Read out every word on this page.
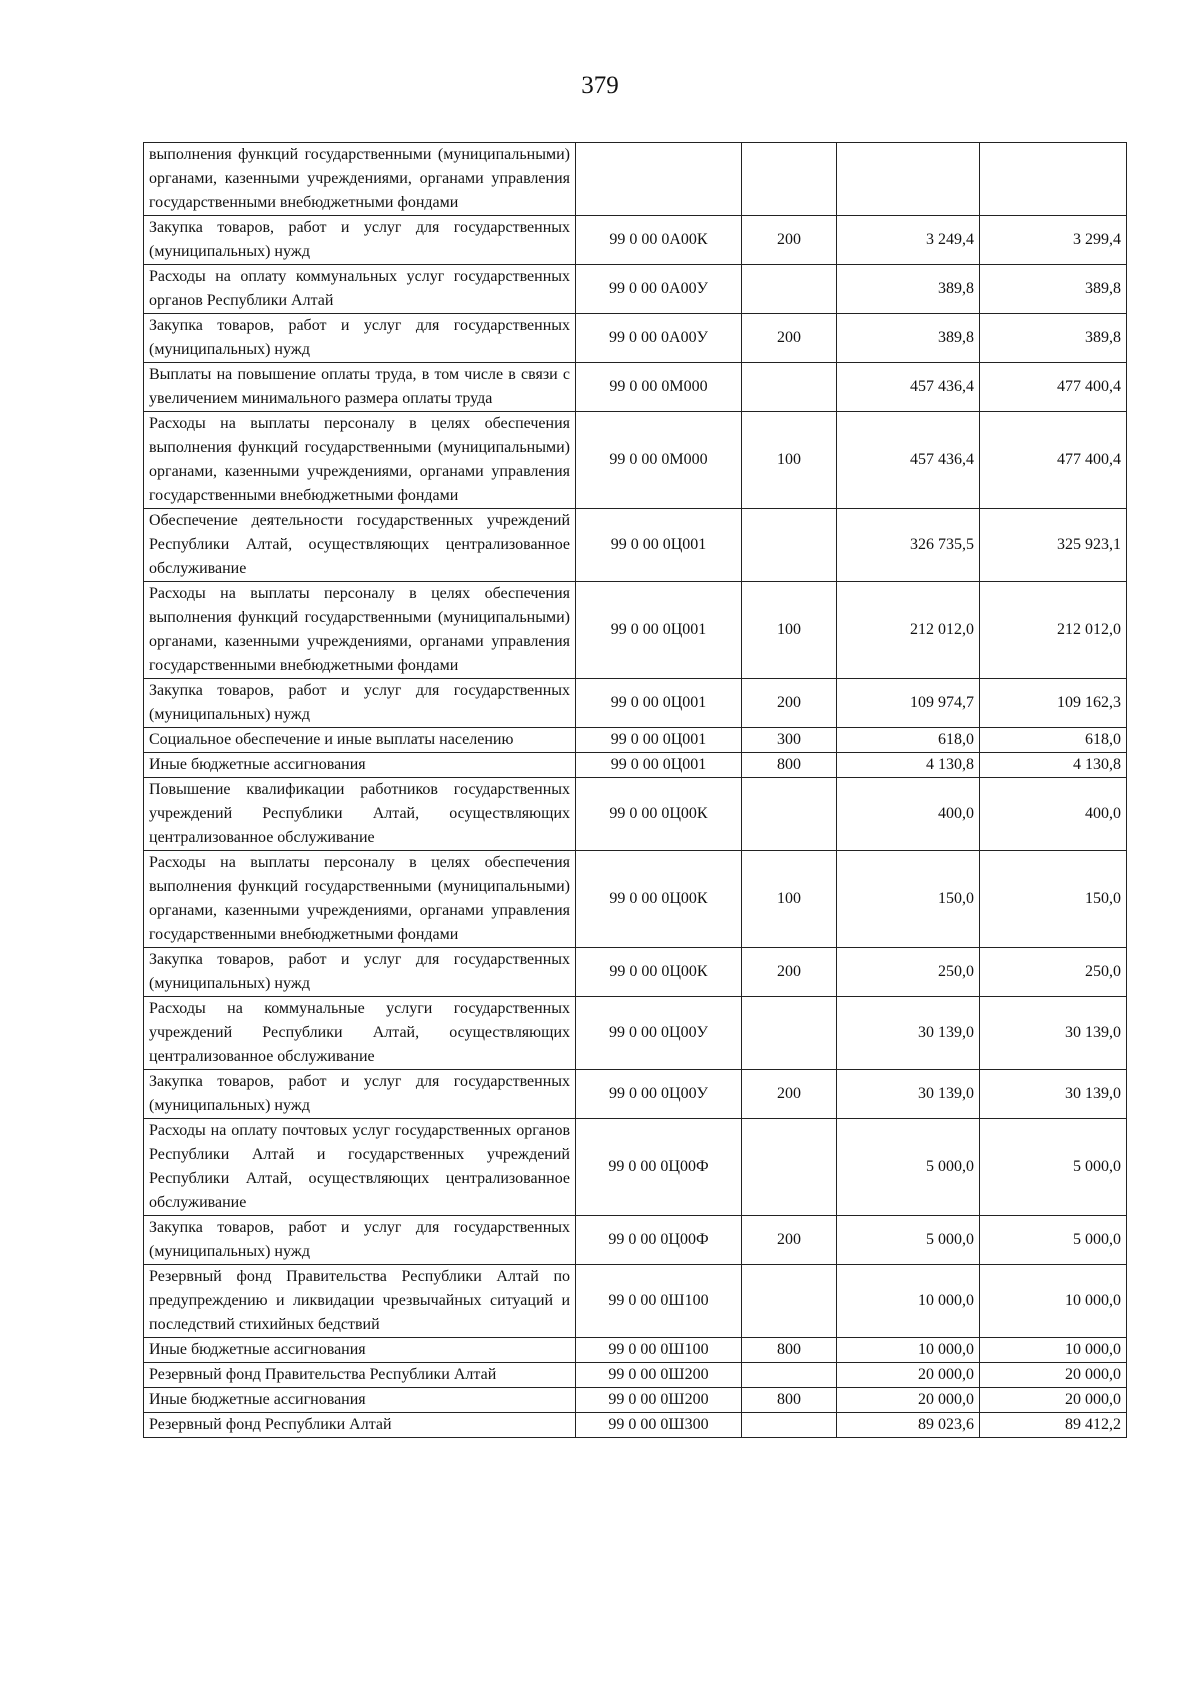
379
выполнения функций государственными (муниципальными) органами, казенными учреждениями, органами управления государственными внебюджетными фондами				
Закупка товаров, работ и услуг для государственных (муниципальных) нужд	99 0 00 0А00К	200	3 249,4	3 299,4
Расходы на оплату коммунальных услуг государственных органов Республики Алтай	99 0 00 0А00У		389,8	389,8
Закупка товаров, работ и услуг для государственных (муниципальных) нужд	99 0 00 0А00У	200	389,8	389,8
Выплаты на повышение оплаты труда, в том числе в связи с увеличением минимального размера оплаты труда	99 0 00 0М000		457 436,4	477 400,4
Расходы на выплаты персоналу в целях обеспечения выполнения функций государственными (муниципальными) органами, казенными учреждениями, органами управления государственными внебюджетными фондами	99 0 00 0М000	100	457 436,4	477 400,4
Обеспечение деятельности государственных учреждений Республики Алтай, осуществляющих централизованное обслуживание	99 0 00 0Ц001		326 735,5	325 923,1
Расходы на выплаты персоналу в целях обеспечения выполнения функций государственными (муниципальными) органами, казенными учреждениями, органами управления государственными внебюджетными фондами	99 0 00 0Ц001	100	212 012,0	212 012,0
Закупка товаров, работ и услуг для государственных (муниципальных) нужд	99 0 00 0Ц001	200	109 974,7	109 162,3
Социальное обеспечение и иные выплаты населению	99 0 00 0Ц001	300	618,0	618,0
Иные бюджетные ассигнования	99 0 00 0Ц001	800	4 130,8	4 130,8
Повышение квалификации работников государственных учреждений Республики Алтай, осуществляющих централизованное обслуживание	99 0 00 0Ц00К		400,0	400,0
Расходы на выплаты персоналу в целях обеспечения выполнения функций государственными (муниципальными) органами, казенными учреждениями, органами управления государственными внебюджетными фондами	99 0 00 0Ц00К	100	150,0	150,0
Закупка товаров, работ и услуг для государственных (муниципальных) нужд	99 0 00 0Ц00К	200	250,0	250,0
Расходы на коммунальные услуги государственных учреждений Республики Алтай, осуществляющих централизованное обслуживание	99 0 00 0Ц00У		30 139,0	30 139,0
Закупка товаров, работ и услуг для государственных (муниципальных) нужд	99 0 00 0Ц00У	200	30 139,0	30 139,0
Расходы на оплату почтовых услуг государственных органов Республики Алтай и государственных учреждений Республики Алтай, осуществляющих централизованное обслуживание	99 0 00 0Ц00Ф		5 000,0	5 000,0
Закупка товаров, работ и услуг для государственных (муниципальных) нужд	99 0 00 0Ц00Ф	200	5 000,0	5 000,0
Резервный фонд Правительства Республики Алтай по предупреждению и ликвидации чрезвычайных ситуаций и последствий стихийных бедствий	99 0 00 0Ш100		10 000,0	10 000,0
Иные бюджетные ассигнования	99 0 00 0Ш100	800	10 000,0	10 000,0
Резервный фонд Правительства Республики Алтай	99 0 00 0Ш200		20 000,0	20 000,0
Иные бюджетные ассигнования	99 0 00 0Ш200	800	20 000,0	20 000,0
Резервный фонд Республики Алтай	99 0 00 0Ш300		89 023,6	89 412,2
